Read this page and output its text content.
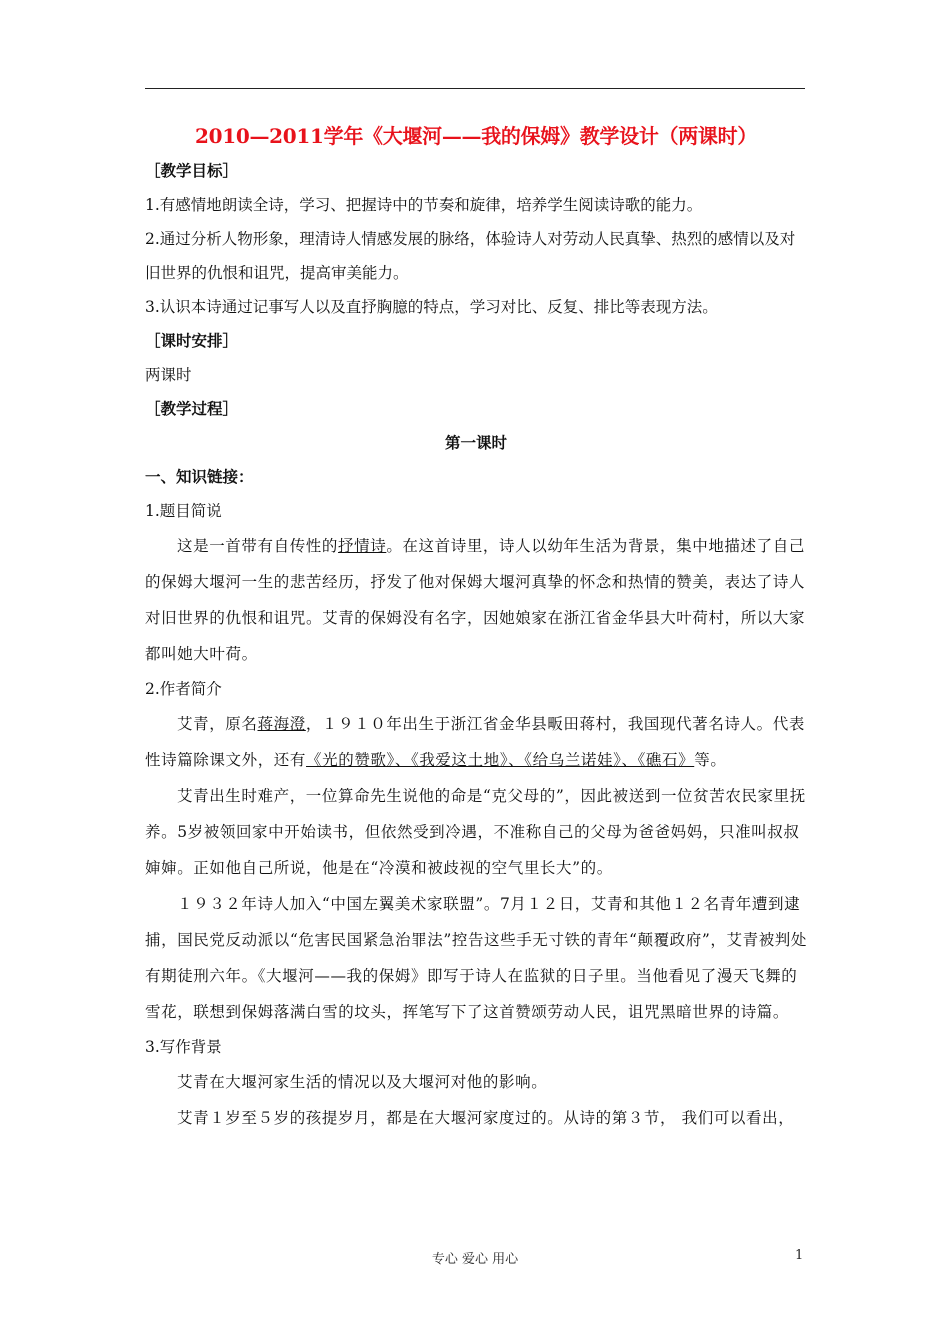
2010—2011学年《大堰河——我的保姆》教学设计（两课时）

［教学目标］

1.有感情地朗读全诗，学习、把握诗中的节奏和旋律，培养学生阅读诗歌的能力。

2.通过分析人物形象，理清诗人情感发展的脉络，体验诗人对劳动人民真挚、热烈的感情以及对旧世界的仇恨和诅咒，提高审美能力。

3.认识本诗通过记事写人以及直抒胸臆的特点，学习对比、反复、排比等表现方法。

［课时安排］

两课时

［教学过程］

第一课时

一、知识链接：

1.题目简说

这是一首带有自传性的抒情诗。在这首诗里，诗人以幼年生活为背景，集中地描述了自己的保姆大堰河一生的悲苦经历，抒发了他对保姆大堰河真挚的怀念和热情的赞美，表达了诗人对旧世界的仇恨和诅咒。艾青的保姆没有名字，因她娘家在浙江省金华县大叶荷村，所以大家都叫她大叶荷。

2.作者简介

艾青，原名蒋海澄，１９１０年出生于浙江省金华县畈田蒋村，我国现代著名诗人。代表性诗篇除课文外，还有《光的赞歌》、《我爱这土地》、《给乌兰诺娃》、《礁石》等。

艾青出生时难产，一位算命先生说他的命是“克父母的”，因此被送到一位贫苦农民家里抚养。5岁被领回家中开始读书，但依然受到冷遇，不准称自己的父母为爸爸妈妈，只准叫叔叔婶婶。正如他自己所说，他是在“冷漠和被歧视的空气里长大”的。

１９３２年诗人加入“中国左翼美术家联盟”。7月１２日，艾青和其他１２名青年遭到逮捕，国民党反动派以“危害民国紧急治罪法”控告这些手无寸铁的青年“颠覆政府”，艾青被判处有期徒刑六年。《大堰河——我的保姆》即写于诗人在监狱的日子里。当他看见了漫天飞舞的雪花，联想到保姆落满白雪的坟头，挥笔写下了这首赞颂劳动人民，诅咒黑暗世界的诗篇。

3.写作背景

艾青在大堰河家生活的情况以及大堰河对他的影响。

艾青１岁至５岁的孩提岁月，都是在大堰河家度过的。从诗的第３节， 我们可以看出，

专心 爱心 用心	1
